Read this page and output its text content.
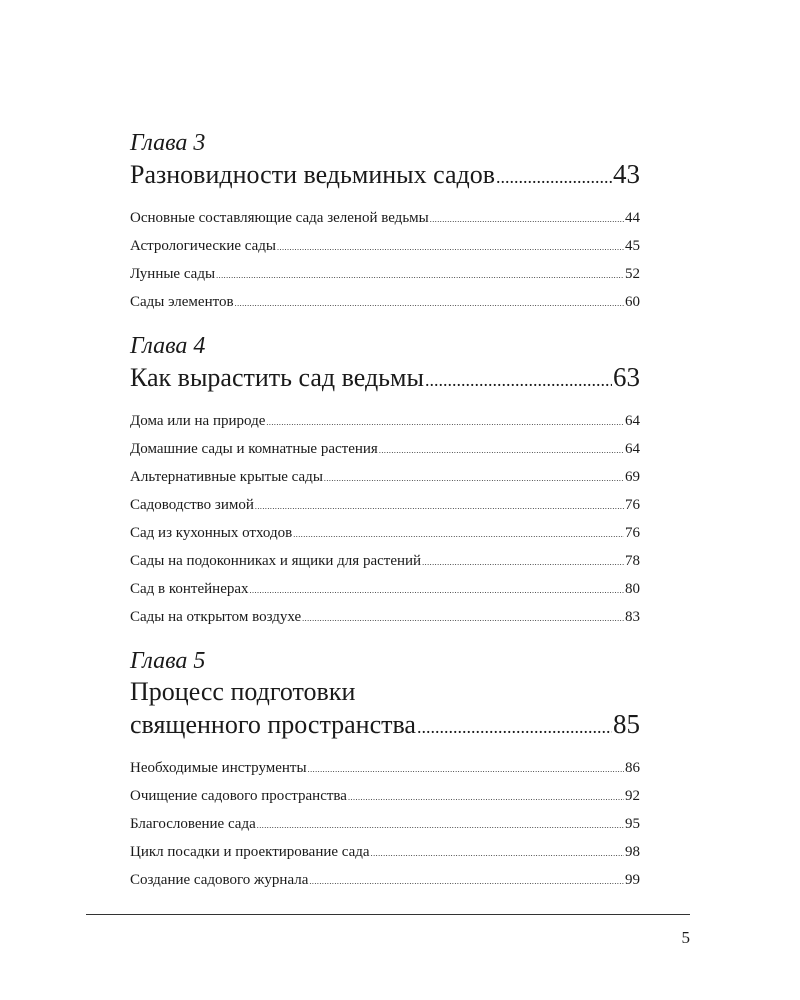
Глава 3
Разновидности ведьминых садов .....	43
Основные составляющие сада зеленой ведьмы .....	44
Астрологические сады .....	45
Лунные сады .....	52
Сады элементов .....	60
Глава 4
Как вырастить сад ведьмы .....	63
Дома или на природе .....	64
Домашние сады и комнатные растения .....	64
Альтернативные крытые сады .....	69
Садоводство зимой .....	76
Сад из кухонных отходов .....	76
Сады на подоконниках и ящики для растений .....	78
Сад в контейнерах .....	80
Сады на открытом воздухе .....	83
Глава 5
Процесс подготовки
священного пространства .....	85
Необходимые инструменты .....	86
Очищение садового пространства .....	92
Благословение сада .....	95
Цикл посадки и проектирование сада .....	98
Создание садового журнала .....	99
5
